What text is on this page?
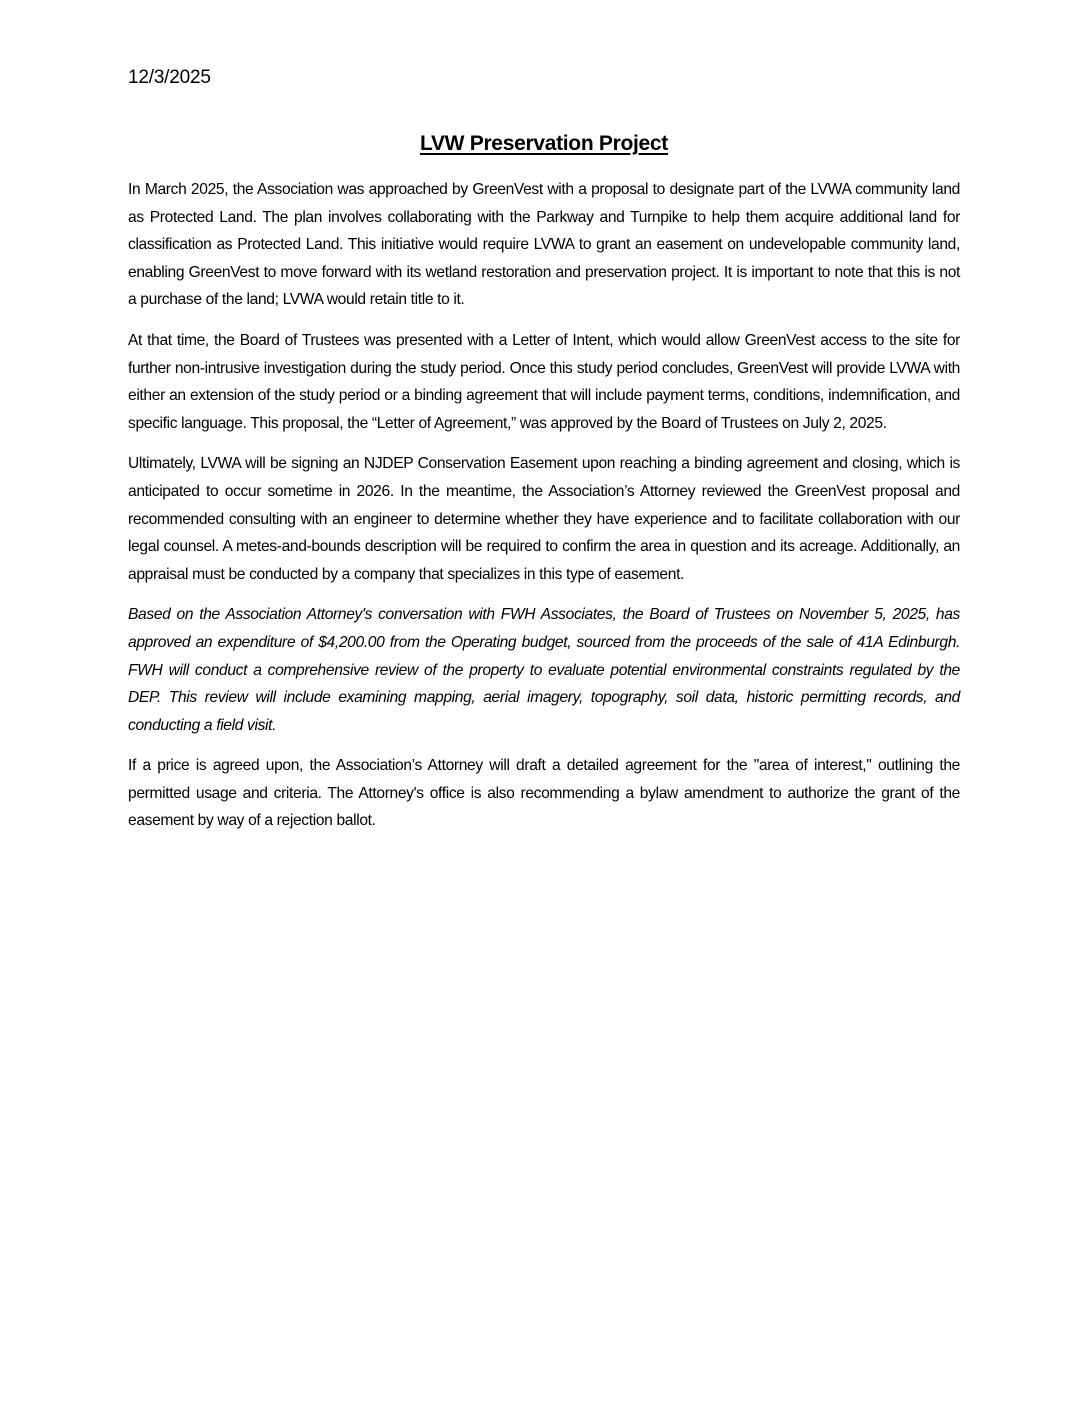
12/3/2025
LVW Preservation Project

In March 2025, the Association was approached by GreenVest with a proposal to designate part of the LVWA community land as Protected Land. The plan involves collaborating with the Parkway and Turnpike to help them acquire additional land for classification as Protected Land. This initiative would require LVWA to grant an easement on undevelopable community land, enabling GreenVest to move forward with its wetland restoration and preservation project. It is important to note that this is not a purchase of the land; LVWA would retain title to it.

At that time, the Board of Trustees was presented with a Letter of Intent, which would allow GreenVest access to the site for further non-intrusive investigation during the study period. Once this study period concludes, GreenVest will provide LVWA with either an extension of the study period or a binding agreement that will include payment terms, conditions, indemnification, and specific language. This proposal, the “Letter of Agreement,” was approved by the Board of Trustees on July 2, 2025.

Ultimately, LVWA will be signing an NJDEP Conservation Easement upon reaching a binding agreement and closing, which is anticipated to occur sometime in 2026. In the meantime, the Association’s Attorney reviewed the GreenVest proposal and recommended consulting with an engineer to determine whether they have experience and to facilitate collaboration with our legal counsel. A metes-and-bounds description will be required to confirm the area in question and its acreage. Additionally, an appraisal must be conducted by a company that specializes in this type of easement.

Based on the Association Attorney's conversation with FWH Associates, the Board of Trustees on November 5, 2025, has approved an expenditure of $4,200.00 from the Operating budget, sourced from the proceeds of the sale of 41A Edinburgh. FWH will conduct a comprehensive review of the property to evaluate potential environmental constraints regulated by the DEP. This review will include examining mapping, aerial imagery, topography, soil data, historic permitting records, and conducting a field visit.

If a price is agreed upon, the Association’s Attorney will draft a detailed agreement for the "area of interest," outlining the permitted usage and criteria. The Attorney's office is also recommending a bylaw amendment to authorize the grant of the easement by way of a rejection ballot.
